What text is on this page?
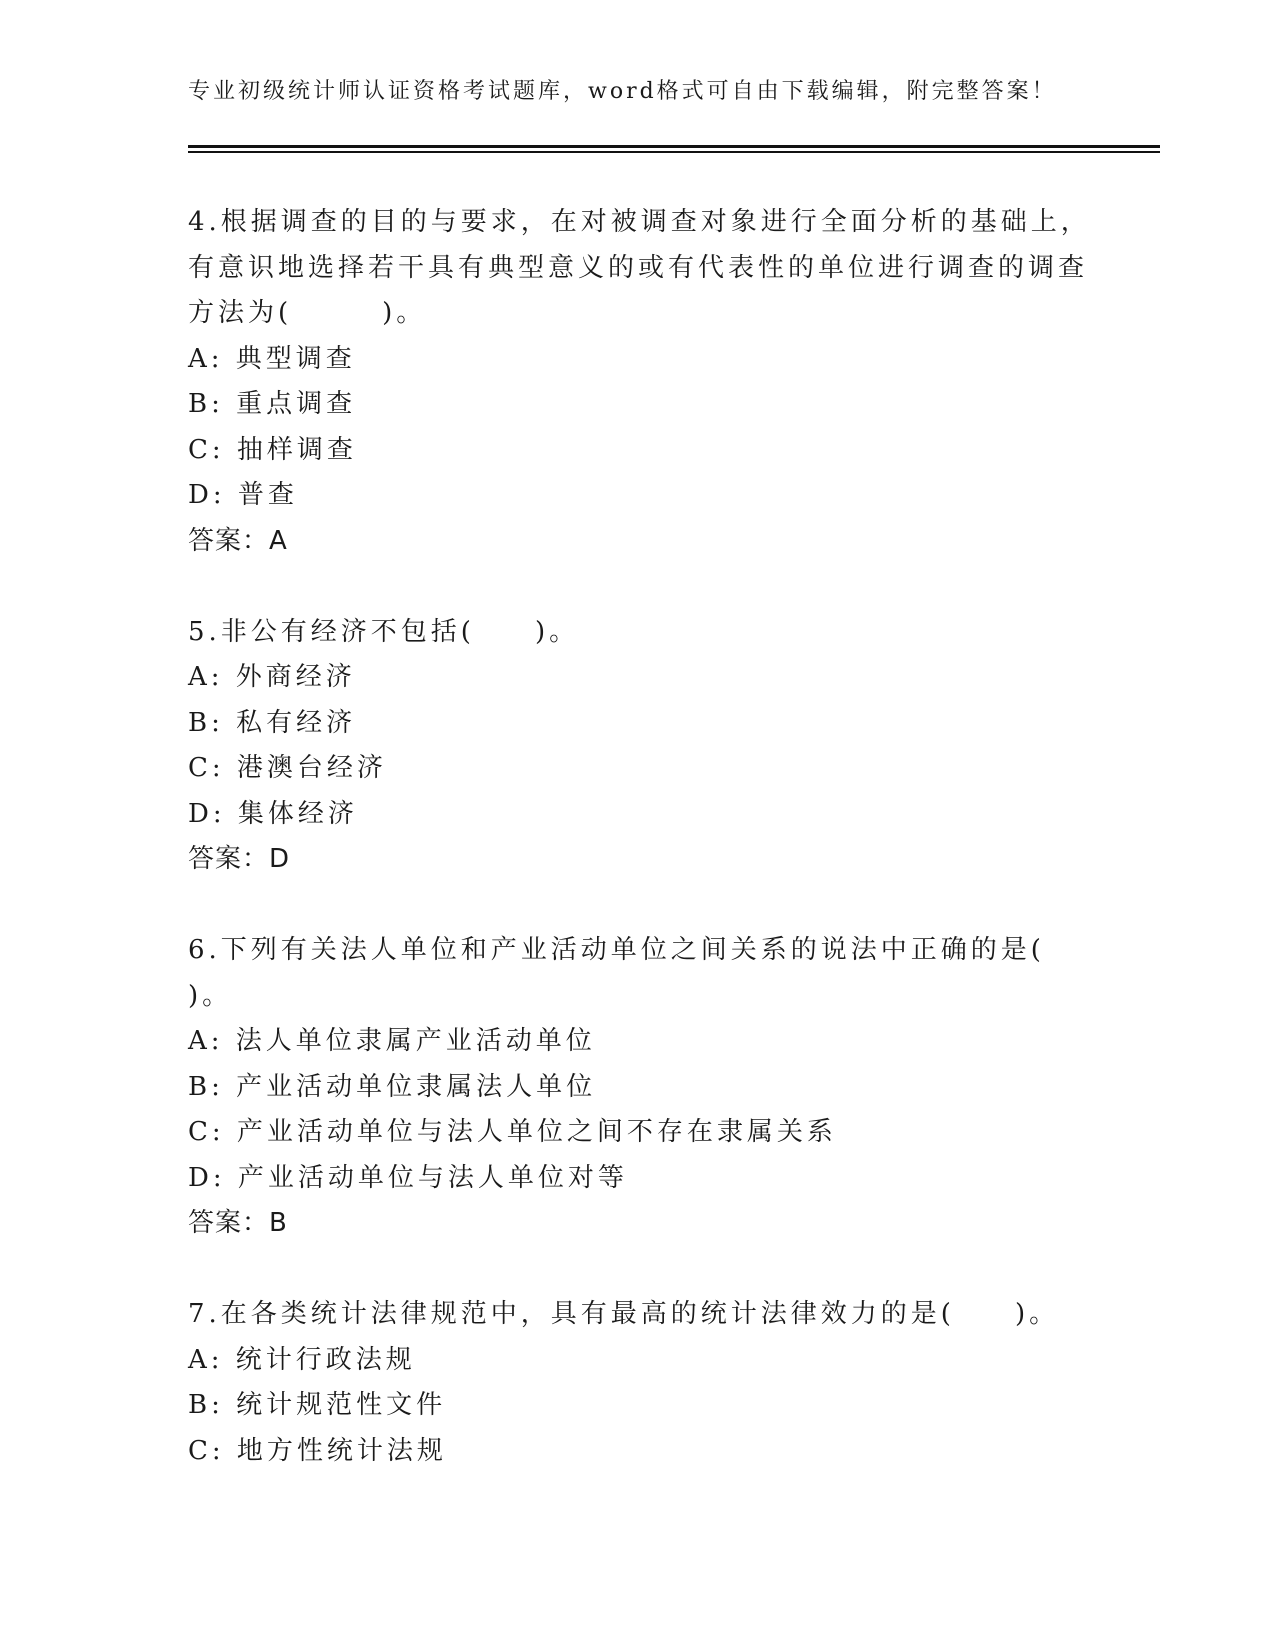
专业初级统计师认证资格考试题库，word格式可自由下载编辑，附完整答案！
4.根据调查的目的与要求，在对被调查对象进行全面分析的基础上，
有意识地选择若干具有典型意义的或有代表性的单位进行调查的调查
方法为(　　　)。
A: 典型调查
B: 重点调查
C: 抽样调查
D: 普查
答案：A
5.非公有经济不包括(　　)。
A: 外商经济
B: 私有经济
C: 港澳台经济
D: 集体经济
答案：D
6.下列有关法人单位和产业活动单位之间关系的说法中正确的是(
)。
A: 法人单位隶属产业活动单位
B: 产业活动单位隶属法人单位
C: 产业活动单位与法人单位之间不存在隶属关系
D: 产业活动单位与法人单位对等
答案：B
7.在各类统计法律规范中，具有最高的统计法律效力的是(　　)。
A: 统计行政法规
B: 统计规范性文件
C: 地方性统计法规
